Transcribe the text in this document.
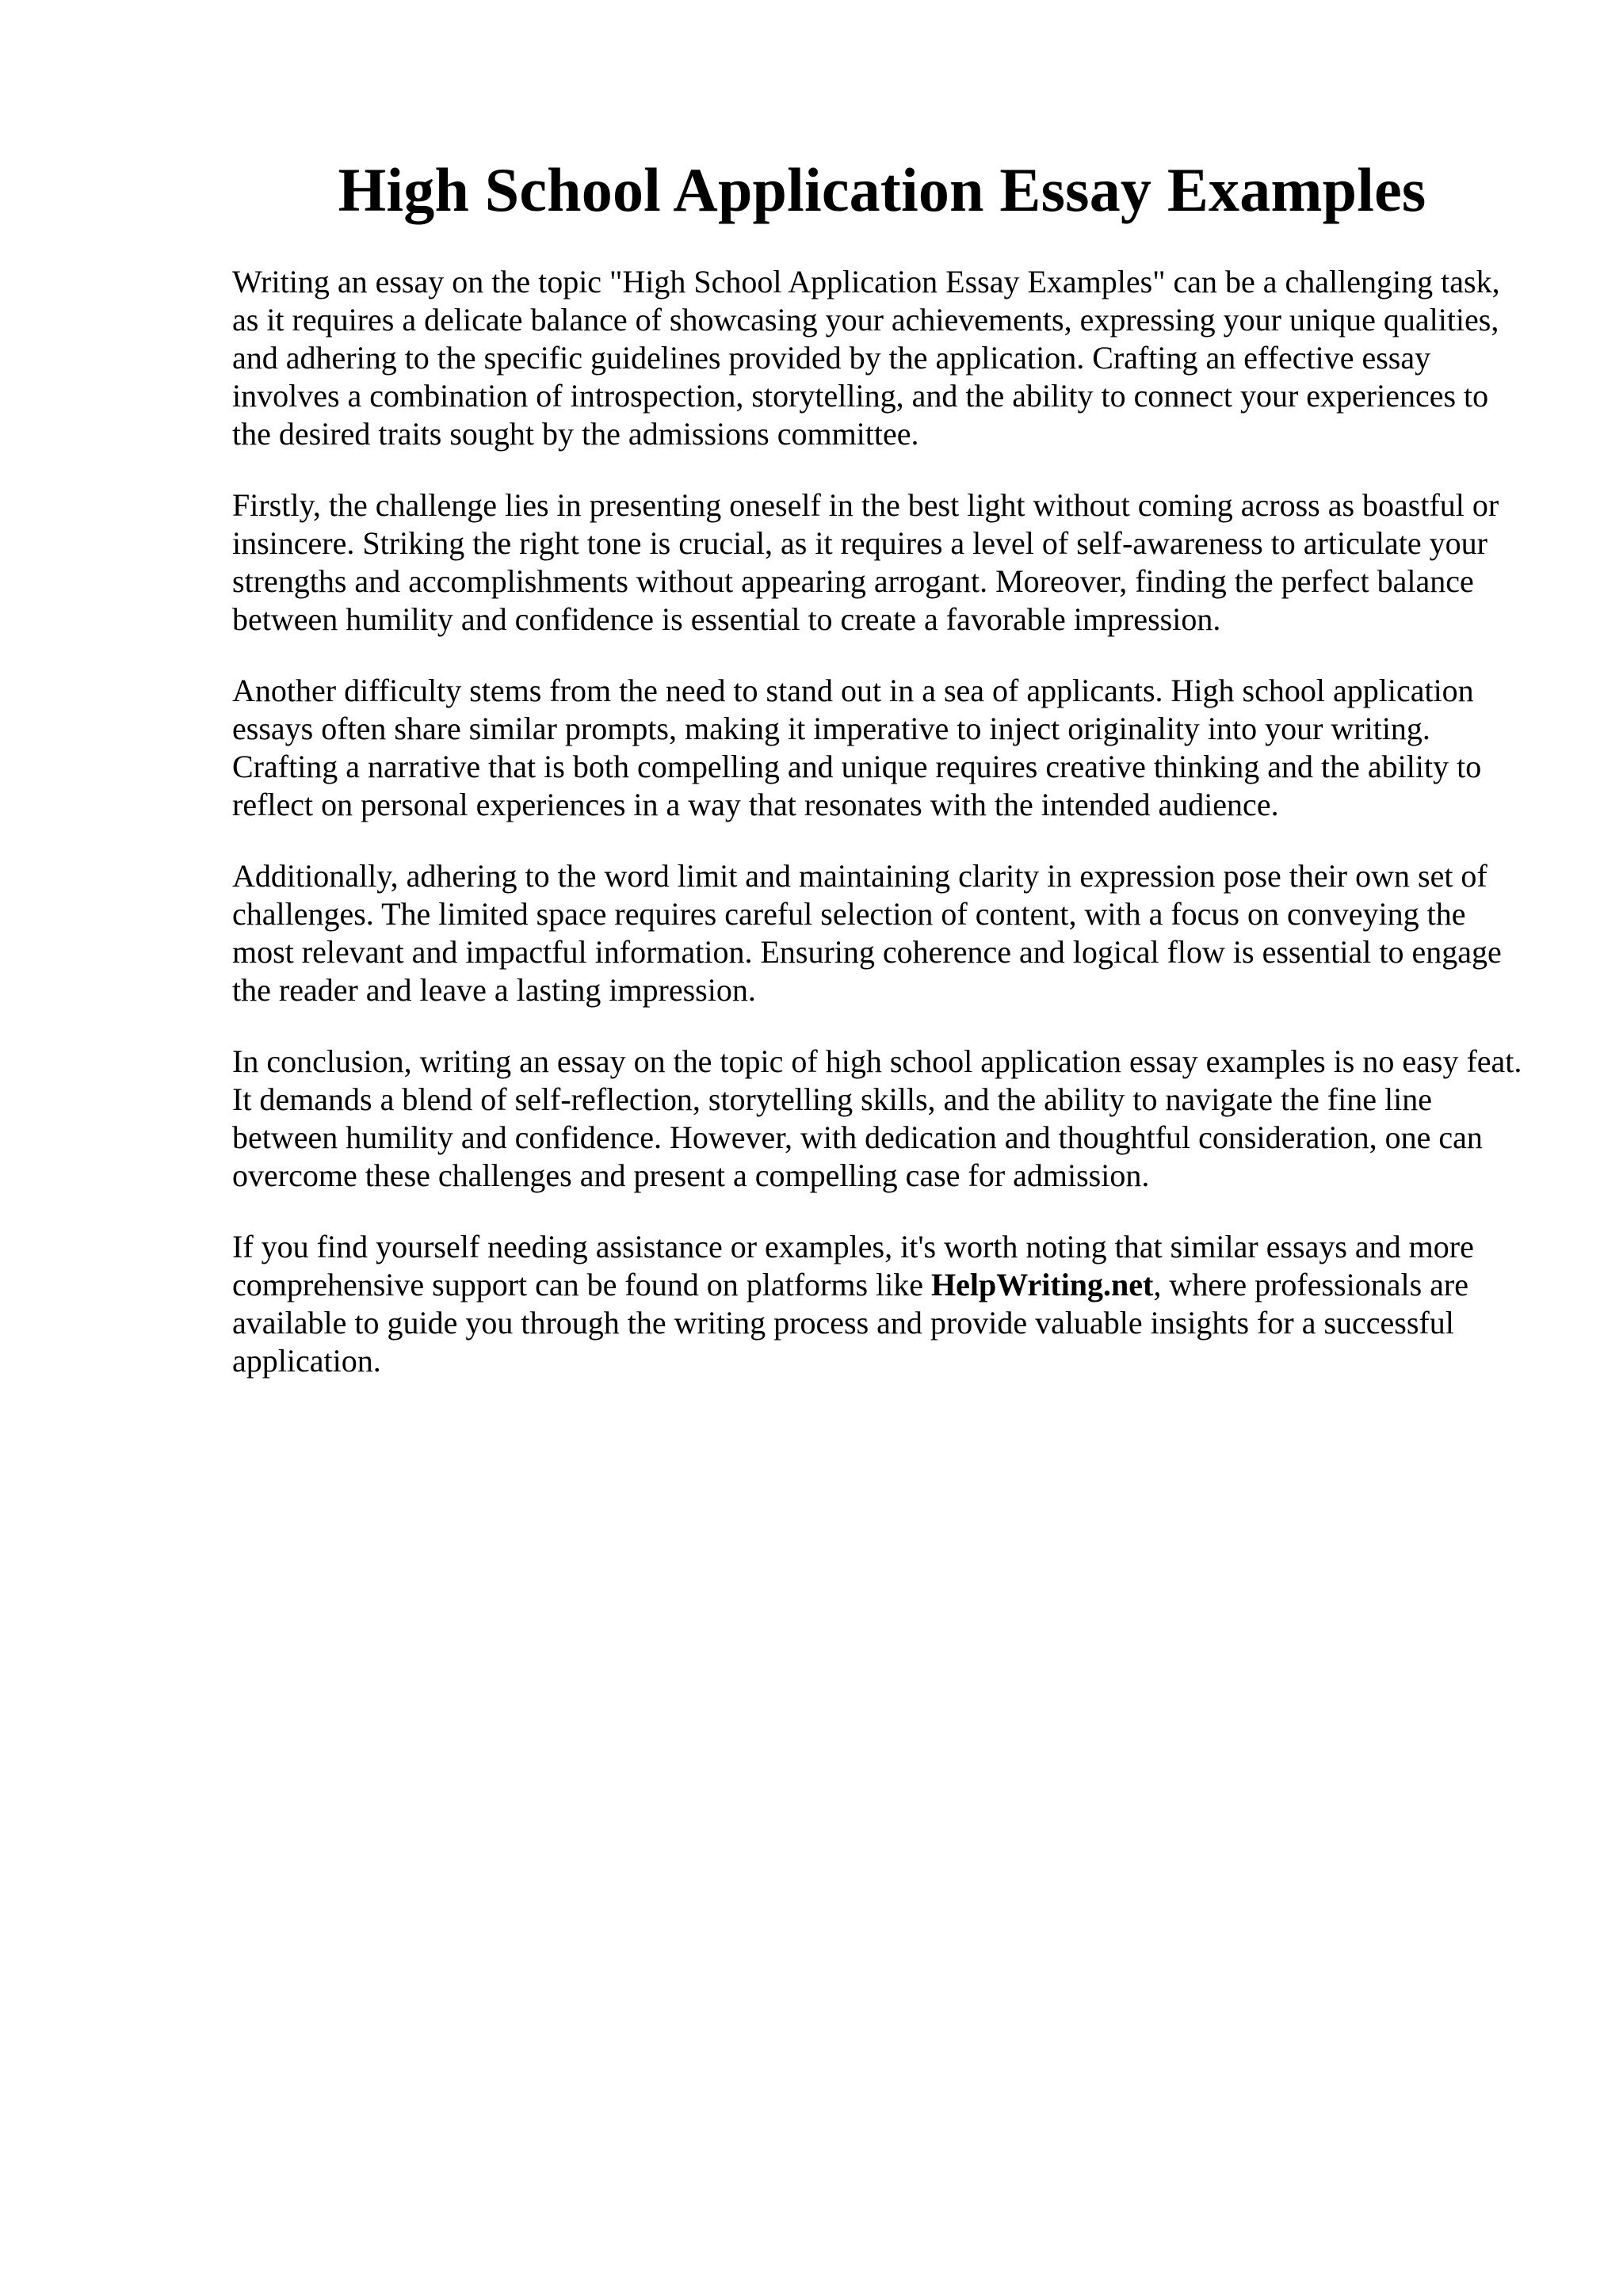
High School Application Essay Examples

Writing an essay on the topic "High School Application Essay Examples" can be a challenging task, as it requires a delicate balance of showcasing your achievements, expressing your unique qualities, and adhering to the specific guidelines provided by the application. Crafting an effective essay involves a combination of introspection, storytelling, and the ability to connect your experiences to the desired traits sought by the admissions committee.

Firstly, the challenge lies in presenting oneself in the best light without coming across as boastful or insincere. Striking the right tone is crucial, as it requires a level of self-awareness to articulate your strengths and accomplishments without appearing arrogant. Moreover, finding the perfect balance between humility and confidence is essential to create a favorable impression.

Another difficulty stems from the need to stand out in a sea of applicants. High school application essays often share similar prompts, making it imperative to inject originality into your writing. Crafting a narrative that is both compelling and unique requires creative thinking and the ability to reflect on personal experiences in a way that resonates with the intended audience.

Additionally, adhering to the word limit and maintaining clarity in expression pose their own set of challenges. The limited space requires careful selection of content, with a focus on conveying the most relevant and impactful information. Ensuring coherence and logical flow is essential to engage the reader and leave a lasting impression.

In conclusion, writing an essay on the topic of high school application essay examples is no easy feat. It demands a blend of self-reflection, storytelling skills, and the ability to navigate the fine line between humility and confidence. However, with dedication and thoughtful consideration, one can overcome these challenges and present a compelling case for admission.

If you find yourself needing assistance or examples, it's worth noting that similar essays and more comprehensive support can be found on platforms like HelpWriting.net, where professionals are available to guide you through the writing process and provide valuable insights for a successful application.
